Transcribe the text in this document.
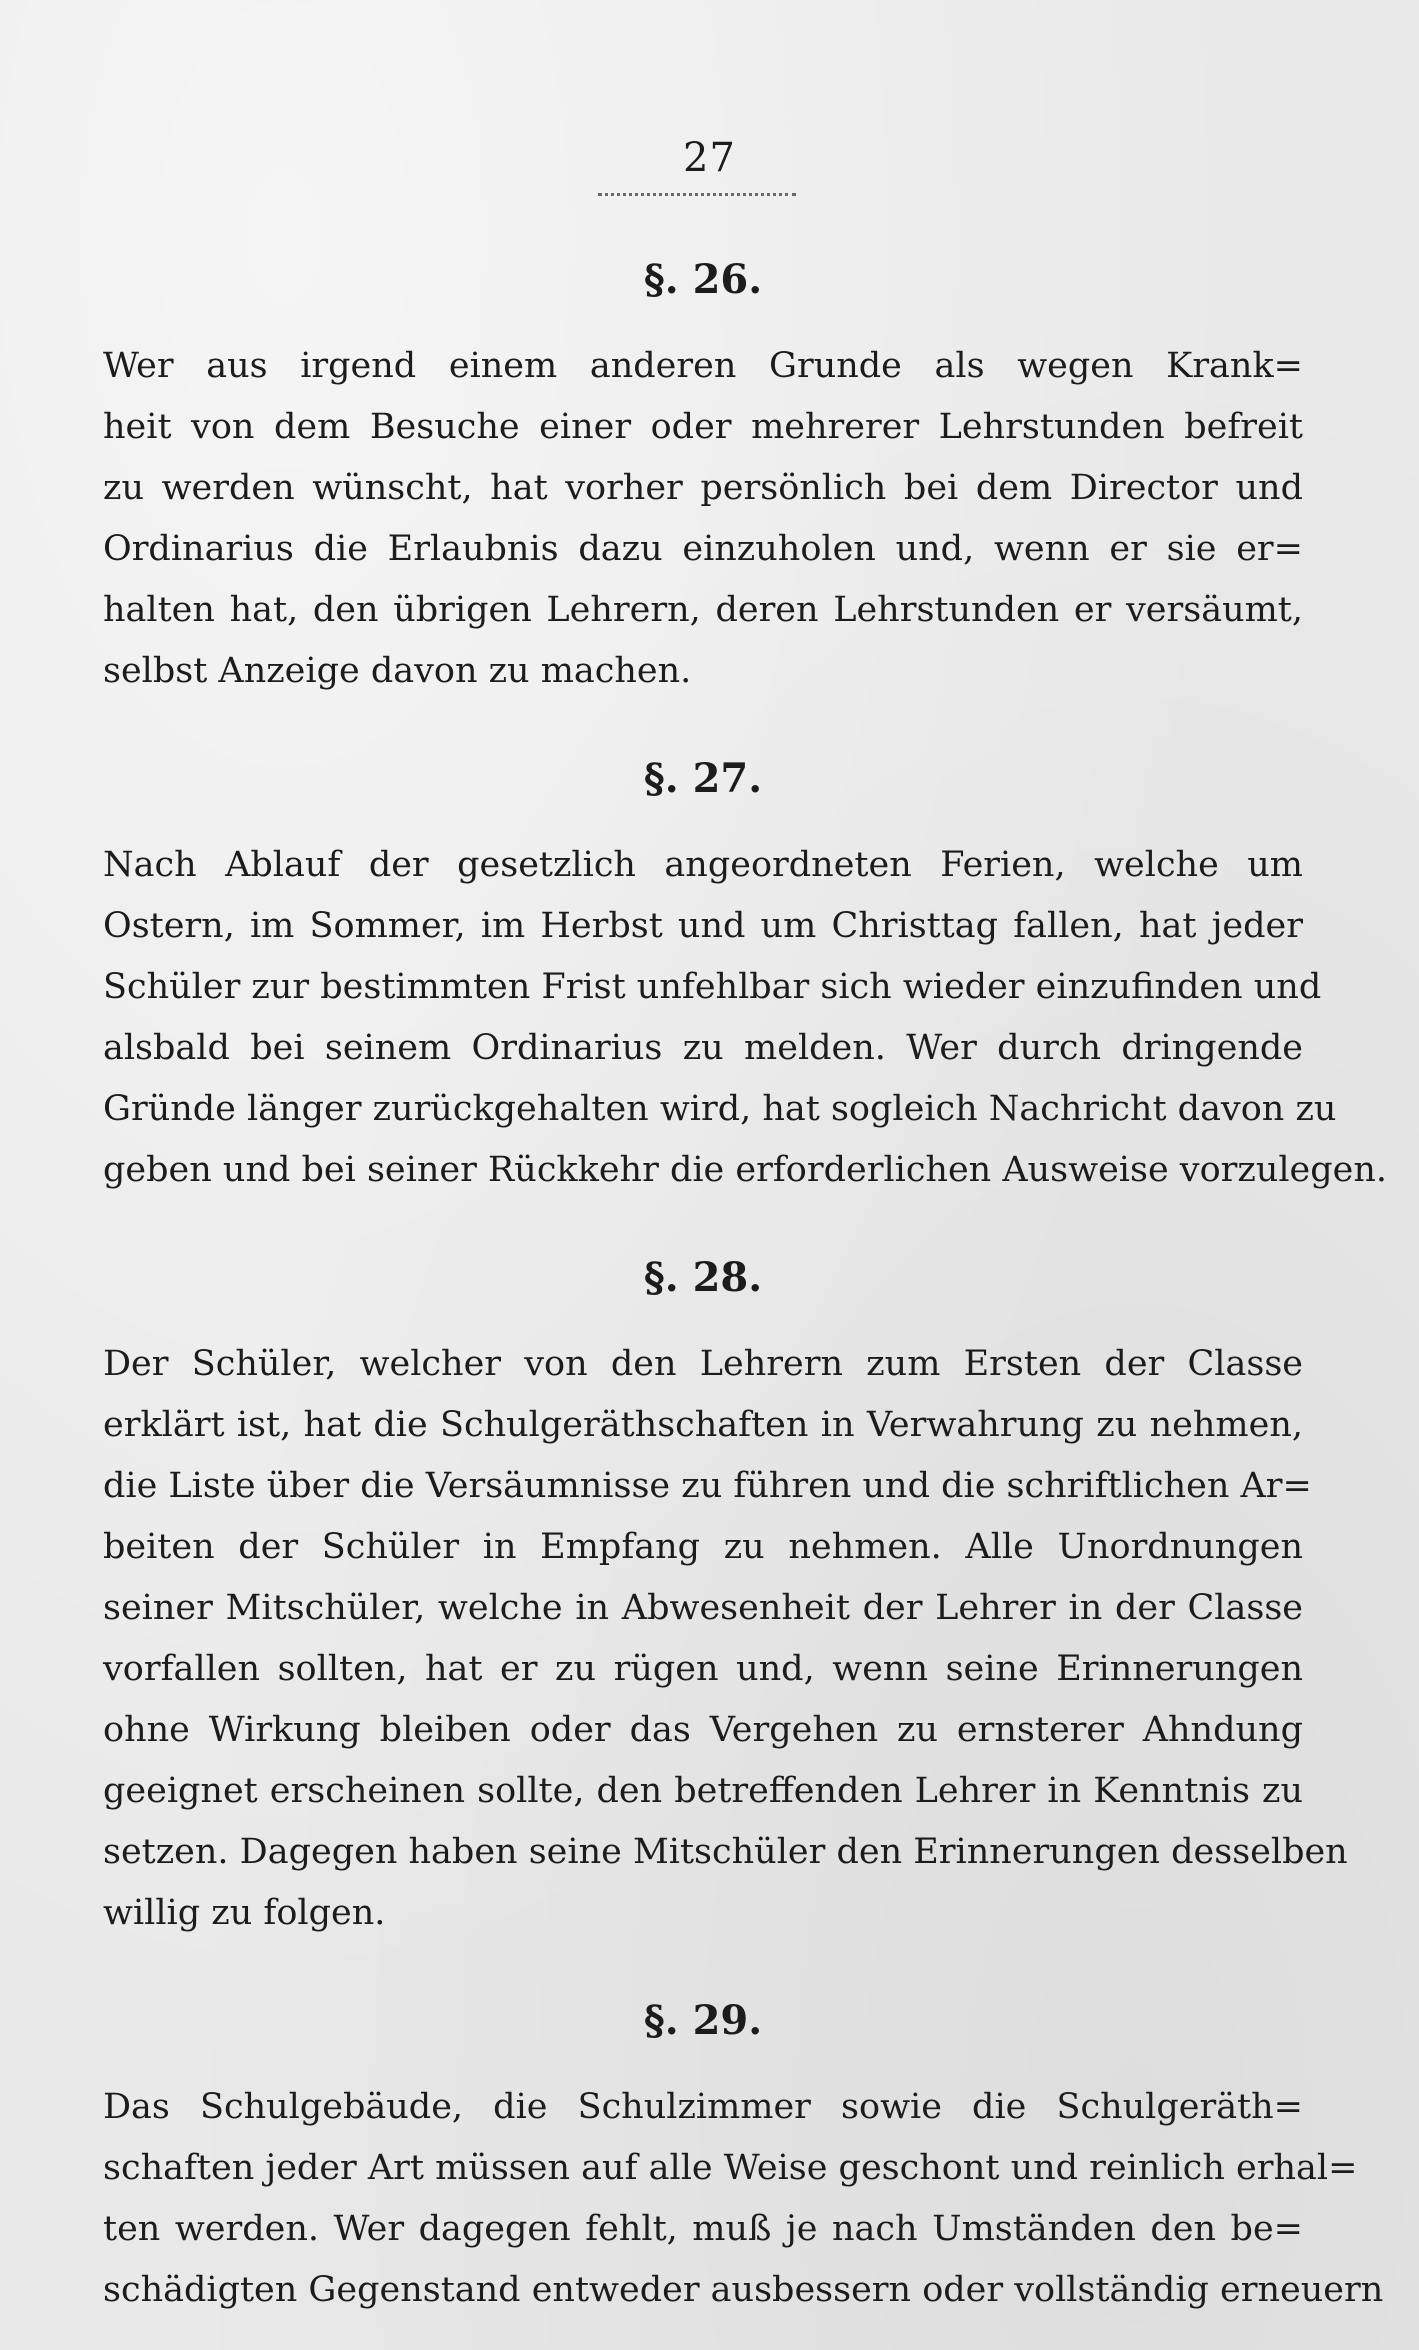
27
§. 26.

Wer aus irgend einem anderen Grunde als wegen Krank=
heit von dem Besuche einer oder mehrerer Lehrstunden befreit
zu werden wünscht, hat vorher persönlich bei dem Director und
Ordinarius die Erlaubnis dazu einzuholen und, wenn er sie er=
halten hat, den übrigen Lehrern, deren Lehrstunden er versäumt,
selbst Anzeige davon zu machen.

§. 27.

Nach Ablauf der gesetzlich angeordneten Ferien, welche um
Ostern, im Sommer, im Herbst und um Christtag fallen, hat jeder
Schüler zur bestimmten Frist unfehlbar sich wieder einzufinden und
alsbald bei seinem Ordinarius zu melden. Wer durch dringende
Gründe länger zurückgehalten wird, hat sogleich Nachricht davon zu
geben und bei seiner Rückkehr die erforderlichen Ausweise vorzulegen.

§. 28.

Der Schüler, welcher von den Lehrern zum Ersten der Classe
erklärt ist, hat die Schulgeräthschaften in Verwahrung zu nehmen,
die Liste über die Versäumnisse zu führen und die schriftlichen Ar=
beiten der Schüler in Empfang zu nehmen. Alle Unordnungen
seiner Mitschüler, welche in Abwesenheit der Lehrer in der Classe
vorfallen sollten, hat er zu rügen und, wenn seine Erinnerungen
ohne Wirkung bleiben oder das Vergehen zu ernsterer Ahndung
geeignet erscheinen sollte, den betreffenden Lehrer in Kenntnis zu
setzen. Dagegen haben seine Mitschüler den Erinnerungen desselben
willig zu folgen.

§. 29.

Das Schulgebäude, die Schulzimmer sowie die Schulgeräth=
schaften jeder Art müssen auf alle Weise geschont und reinlich erhal=
ten werden. Wer dagegen fehlt, muß je nach Umständen den be=
schädigten Gegenstand entweder ausbessern oder vollständig erneuern
